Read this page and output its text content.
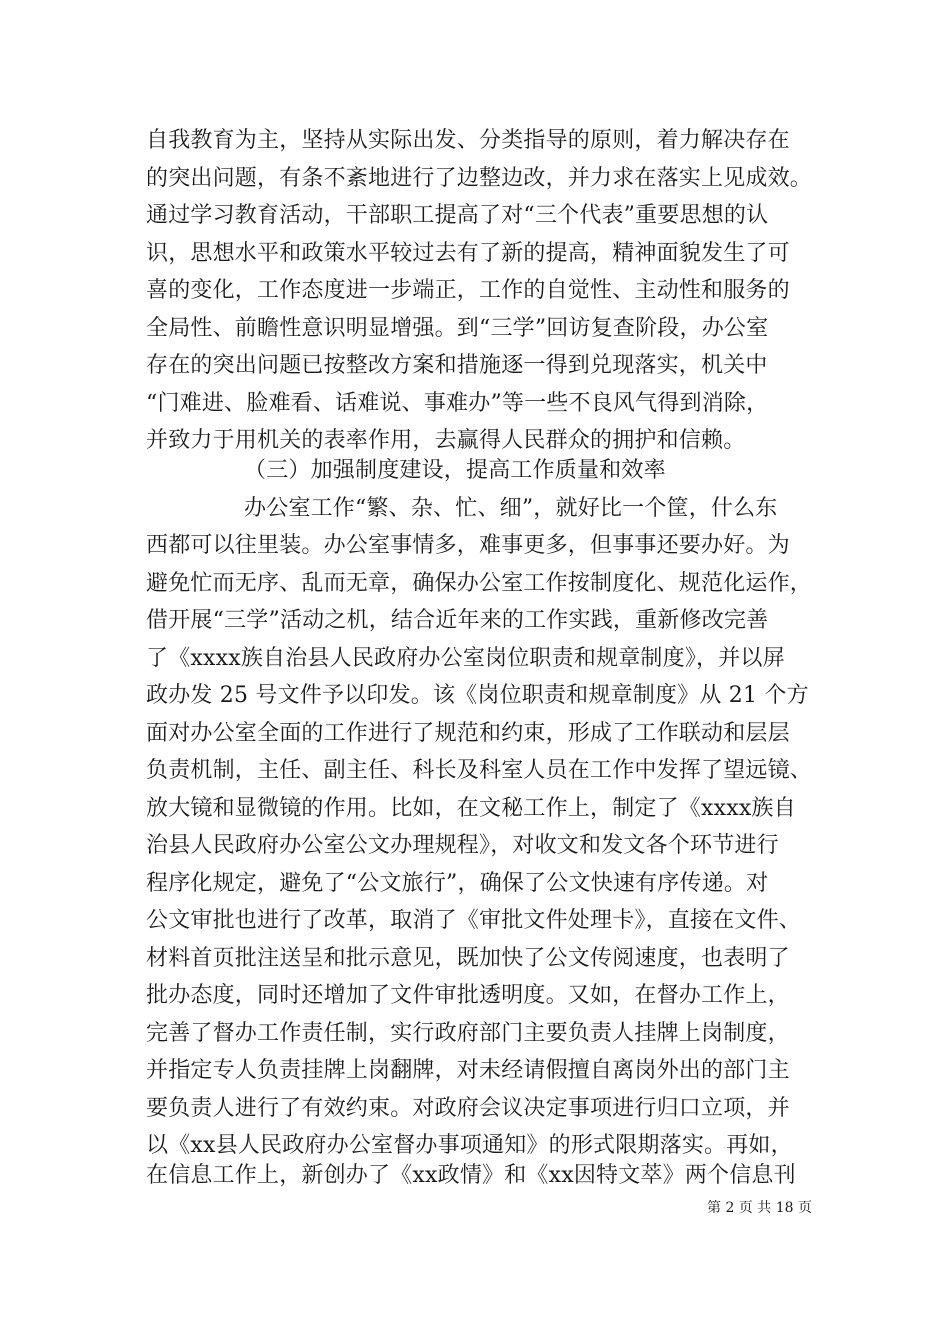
自我教育为主，坚持从实际出发、分类指导的原则，着力解决存在
的突出问题，有条不紊地进行了边整边改，并力求在落实上见成效。
通过学习教育活动，干部职工提高了对“三个代表”重要思想的认
识，思想水平和政策水平较过去有了新的提高，精神面貌发生了可
喜的变化，工作态度进一步端正，工作的自觉性、主动性和服务的
全局性、前瞻性意识明显增强。到“三学”回访复查阶段，办公室
存在的突出问题已按整改方案和措施逐一得到兑现落实，机关中
“门难进、脸难看、话难说、事难办”等一些不良风气得到消除，
并致力于用机关的表率作用，去赢得人民群众的拥护和信赖。
（三）加强制度建设，提高工作质量和效率
办公室工作“繁、杂、忙、细”，就好比一个筐，什么东
西都可以往里装。办公室事情多，难事更多，但事事还要办好。为
避免忙而无序、乱而无章，确保办公室工作按制度化、规范化运作，
借开展“三学”活动之机，结合近年来的工作实践，重新修改完善
了《xxxx族自治县人民政府办公室岗位职责和规章制度》，并以屏
政办发 25 号文件予以印发。该《岗位职责和规章制度》从 21 个方
面对办公室全面的工作进行了规范和约束，形成了工作联动和层层
负责机制，主任、副主任、科长及科室人员在工作中发挥了望远镜、
放大镜和显微镜的作用。比如，在文秘工作上，制定了《xxxx族自
治县人民政府办公室公文办理规程》，对收文和发文各个环节进行
程序化规定，避免了“公文旅行”，确保了公文快速有序传递。对
公文审批也进行了改革，取消了《审批文件处理卡》，直接在文件、
材料首页批注送呈和批示意见，既加快了公文传阅速度，也表明了
批办态度，同时还增加了文件审批透明度。又如，在督办工作上，
完善了督办工作责任制，实行政府部门主要负责人挂牌上岗制度，
并指定专人负责挂牌上岗翻牌，对未经请假擅自离岗外出的部门主
要负责人进行了有效约束。对政府会议决定事项进行归口立项，并
以《xx县人民政府办公室督办事项通知》的形式限期落实。再如，
在信息工作上，新创办了《xx政情》和《xx因特文萃》两个信息刊
第 2 页 共 18 页
